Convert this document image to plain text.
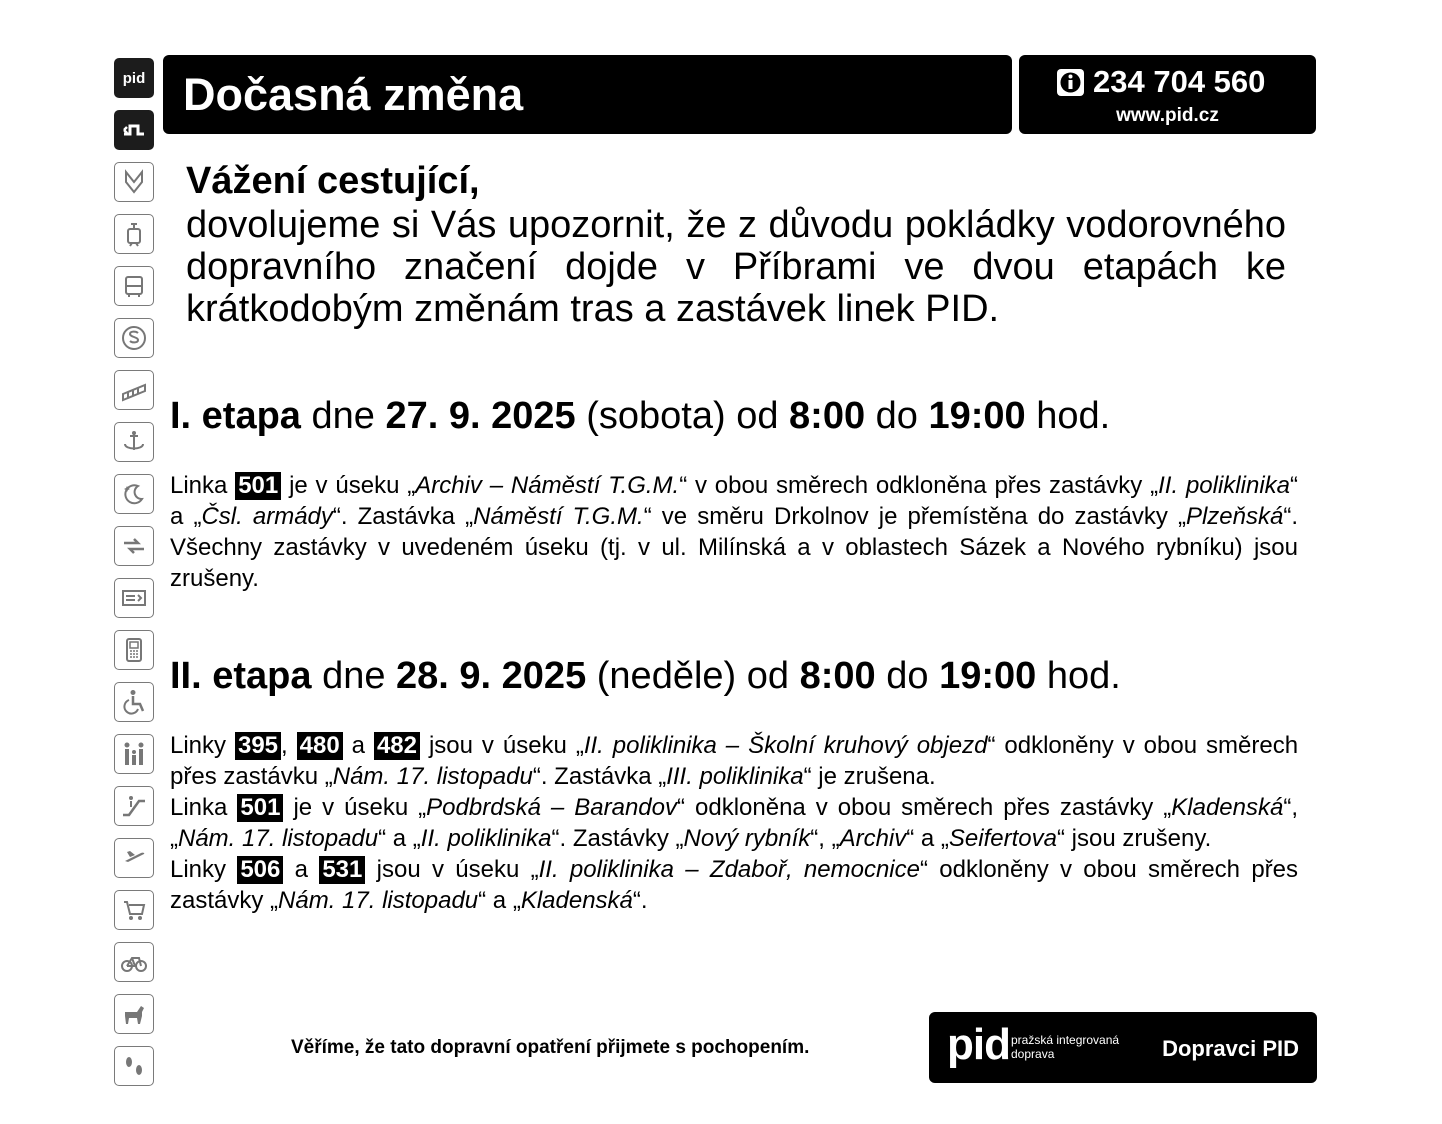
pid Dočasná změna	234 704 560
www.pid.cz
Vážení cestující,
dovolujeme si Vás upozornit, že z důvodu pokládky vodorovného dopravního značení dojde v Příbrami ve dvou etapách ke krátkodobým změnám tras a zastávek linek PID.
I. etapa dne 27. 9. 2025 (sobota) od 8:00 do 19:00 hod.

Linka 501 je v úseku „Archiv – Náměstí T.G.M.“ v obou směrech odkloněna přes zastávky „II. poliklinika“ a „Čsl. armády“. Zastávka „Náměstí T.G.M.“ ve směru Drkolnov je přemístěna do zastávky „Plzeňská“. Všechny zastávky v uvedeném úseku (tj. v ul. Milínská a v oblastech Sázek a Nového rybníku) jsou zrušeny.

II. etapa dne 28. 9. 2025 (neděle) od 8:00 do 19:00 hod.

Linky 395 , 480 a 482 jsou v úseku „II. poliklinika – Školní kruhový objezd“ odkloněny v obou směrech přes zastávku „Nám. 17. listopadu“. Zastávka „III. poliklinika“ je zrušena.

Linka 501 je v úseku „Podbrdská – Barandov“ odkloněna v obou směrech přes zastávky „Kladenská“, „Nám. 17. listopadu“ a „II. poliklinika“. Zastávky „Nový rybník“, „Archiv“ a „Seifertova“ jsou zrušeny.

Linky 506 a 531 jsou v úseku „II. poliklinika – Zdaboř, nemocnice“ odkloněny v obou směrech přes zastávky „Nám. 17. listopadu“ a „Kladenská“.

Věříme, že tato dopravní opatření přijmete s pochopením.	pid pražská integrovaná doprava	Dopravci PID
